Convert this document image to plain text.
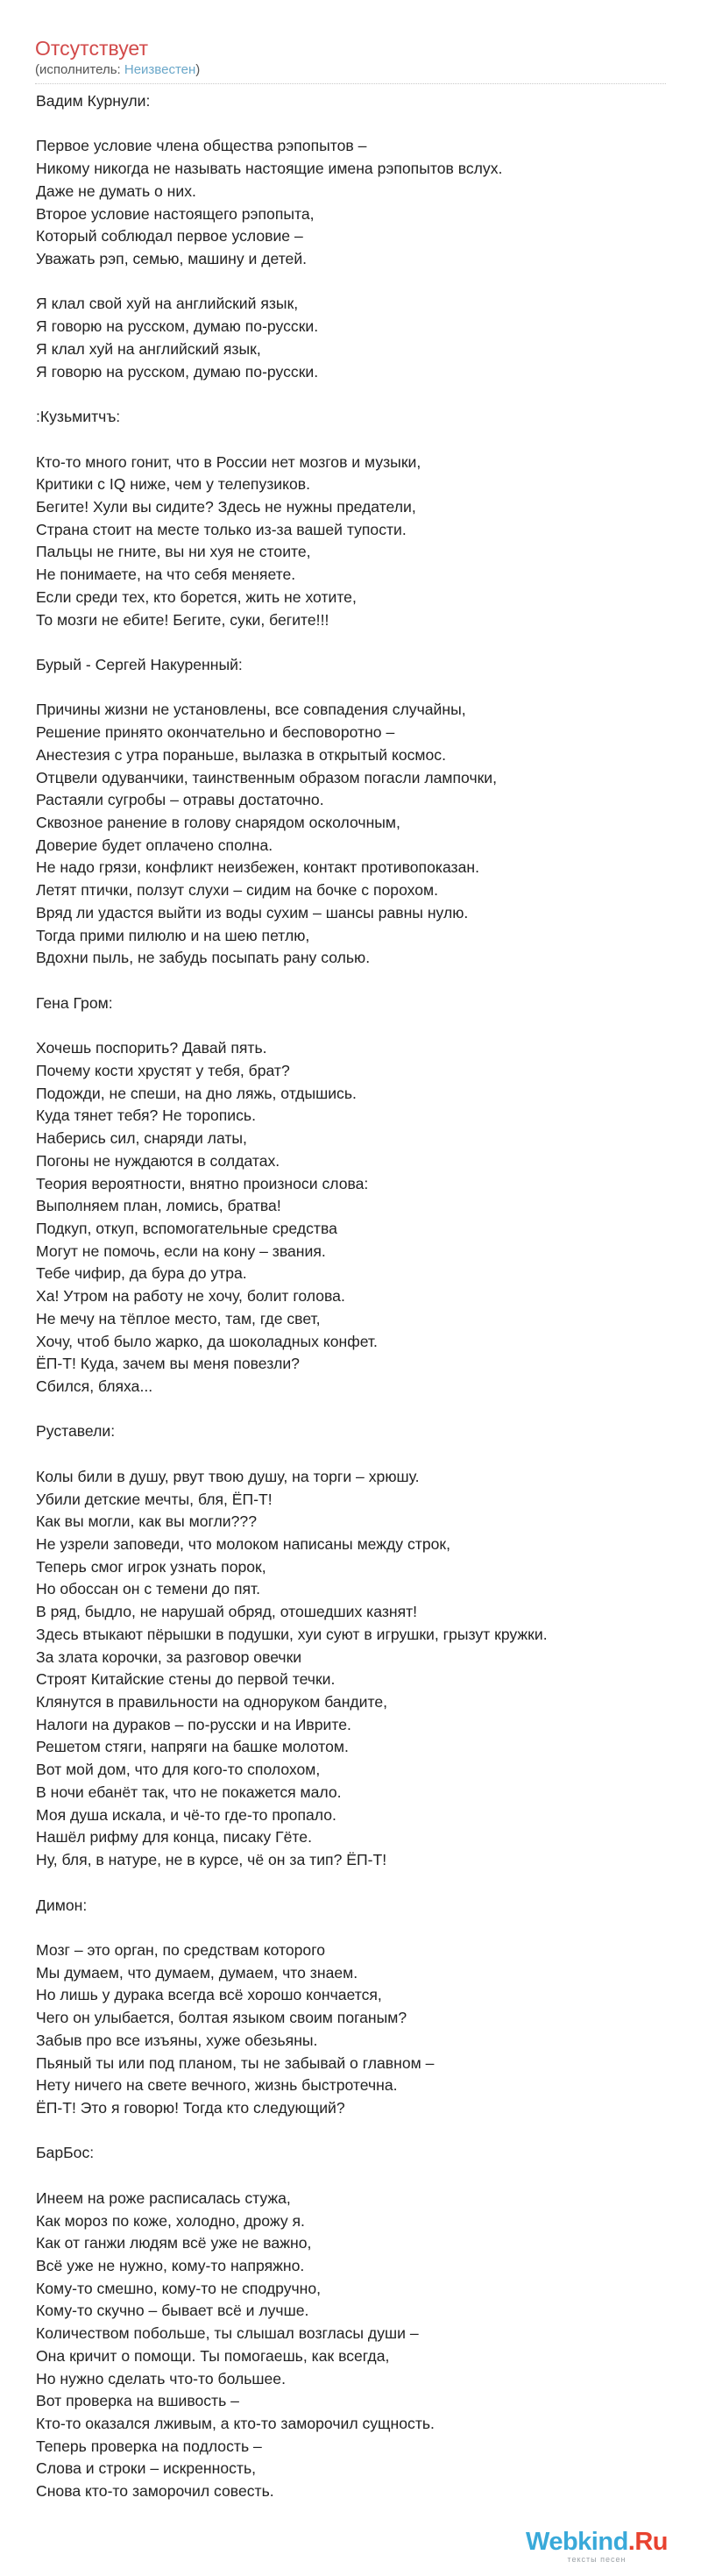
Отсутствует
(исполнитель: Неизвестен)
Вадим Курнули:
Первое условие члена общества рэпопытов –
Никому никогда не называть настоящие имена рэпопытов вслух.
Даже не думать о них.
Второе условие настоящего рэпопыта,
Который соблюдал первое условие –
Уважать рэп, семью, машину и детей.
Я клал свой хуй на английский язык,
Я говорю на русском, думаю по-русски.
Я клал хуй на английский язык,
Я говорю на русском, думаю по-русски.
:Кузьмитчъ:
Кто-то много гонит, что в России нет мозгов и музыки,
Критики с IQ ниже, чем у телепузиков.
Бегите! Хули вы сидите? Здесь не нужны предатели,
Страна стоит на месте только из-за вашей тупости.
Пальцы не гните, вы ни хуя не стоите,
Не понимаете, на что себя меняете.
Если среди тех, кто борется, жить не хотите,
То мозги не ебите! Бегите, суки, бегите!!!
Бурый - Сергей Накуренный:
Причины жизни не установлены, все совпадения случайны,
Решение принято окончательно и бесповоротно –
Анестезия с утра пораньше, вылазка в открытый космос.
Отцвели одуванчики, таинственным образом погасли лампочки,
Растаяли сугробы – отравы достаточно.
Сквозное ранение в голову снарядом осколочным,
Доверие будет оплачено сполна.
Не надо грязи, конфликт неизбежен, контакт противопоказан.
Летят птички, ползут слухи – сидим на бочке с порохом.
Вряд ли удастся выйти из воды сухим – шансы равны нулю.
Тогда прими пилюлю и на шею петлю,
Вдохни пыль, не забудь посыпать рану солью.
Гена Гром:
Хочешь поспорить? Давай пять.
Почему кости хрустят у тебя, брат?
Подожди, не спеши, на дно ляжь, отдышись.
Куда тянет тебя? Не торопись.
Наберись сил, снаряди латы,
Погоны не нуждаются в солдатах.
Теория вероятности, внятно произноси слова:
Выполняем план, ломись, братва!
Подкуп, откуп, вспомогательные средства
Могут не помочь, если на кону – звания.
Тебе чифир, да бура до утра.
Ха! Утром на работу не хочу, болит голова.
Не мечу на тёплое место, там, где свет,
Хочу, чтоб было жарко, да шоколадных конфет.
ЁП-Т! Куда, зачем вы меня повезли?
Сбился, бляха...
Руставели:
Колы били в душу, рвут твою душу, на торги – хрюшу.
Убили детские мечты, бля, ЁП-Т!
Как вы могли, как вы могли???
Не узрели заповеди, что молоком написаны между строк,
Теперь смог игрок узнать порок,
Но обоссан он с темени до пят.
В ряд, быдло, не нарушай обряд, отошедших казнят!
Здесь втыкают пёрышки в подушки, хуи суют в игрушки, грызут кружки.
За злата корочки, за разговор овечки
Строят Китайские стены до первой течки.
Клянутся в правильности на одноруком бандите,
Налоги на дураков – по-русски и на Иврите.
Решетом стяги, напряги на башке молотом.
Вот мой дом, что для кого-то сполохом,
В ночи ебанёт так, что не покажется мало.
Моя душа искала, и чё-то где-то пропало.
Нашёл рифму для конца, писаку Гёте.
Ну, бля, в натуре, не в курсе, чё он за тип? ЁП-Т!
Димон:
Мозг – это орган, по средствам которого
Мы думаем, что думаем, думаем, что знаем.
Но лишь у дурака всегда всё хорошо кончается,
Чего он улыбается, болтая языком своим поганым?
Забыв про все изъяны, хуже обезьяны.
Пьяный ты или под планом, ты не забывай о главном –
Нету ничего на свете вечного, жизнь быстротечна.
ЁП-Т! Это я говорю! Тогда кто следующий?
БарБос:
Инеем на роже расписалась стужа,
Как мороз по коже, холодно, дрожу я.
Как от ганжи людям всё уже не важно,
Всё уже не нужно, кому-то напряжно.
Кому-то смешно, кому-то не сподручно,
Кому-то скучно – бывает всё и лучше.
Количеством побольше, ты слышал возгласы души –
Она кричит о помощи. Ты помогаешь, как всегда,
Но нужно сделать что-то большее.
Вот проверка на вшивость –
Кто-то оказался лживым, а кто-то заморочил сущность.
Теперь проверка на подлость –
Слова и строки – искренность,
Снова кто-то заморочил совесть.
Webkind.Ru
тексты песен
